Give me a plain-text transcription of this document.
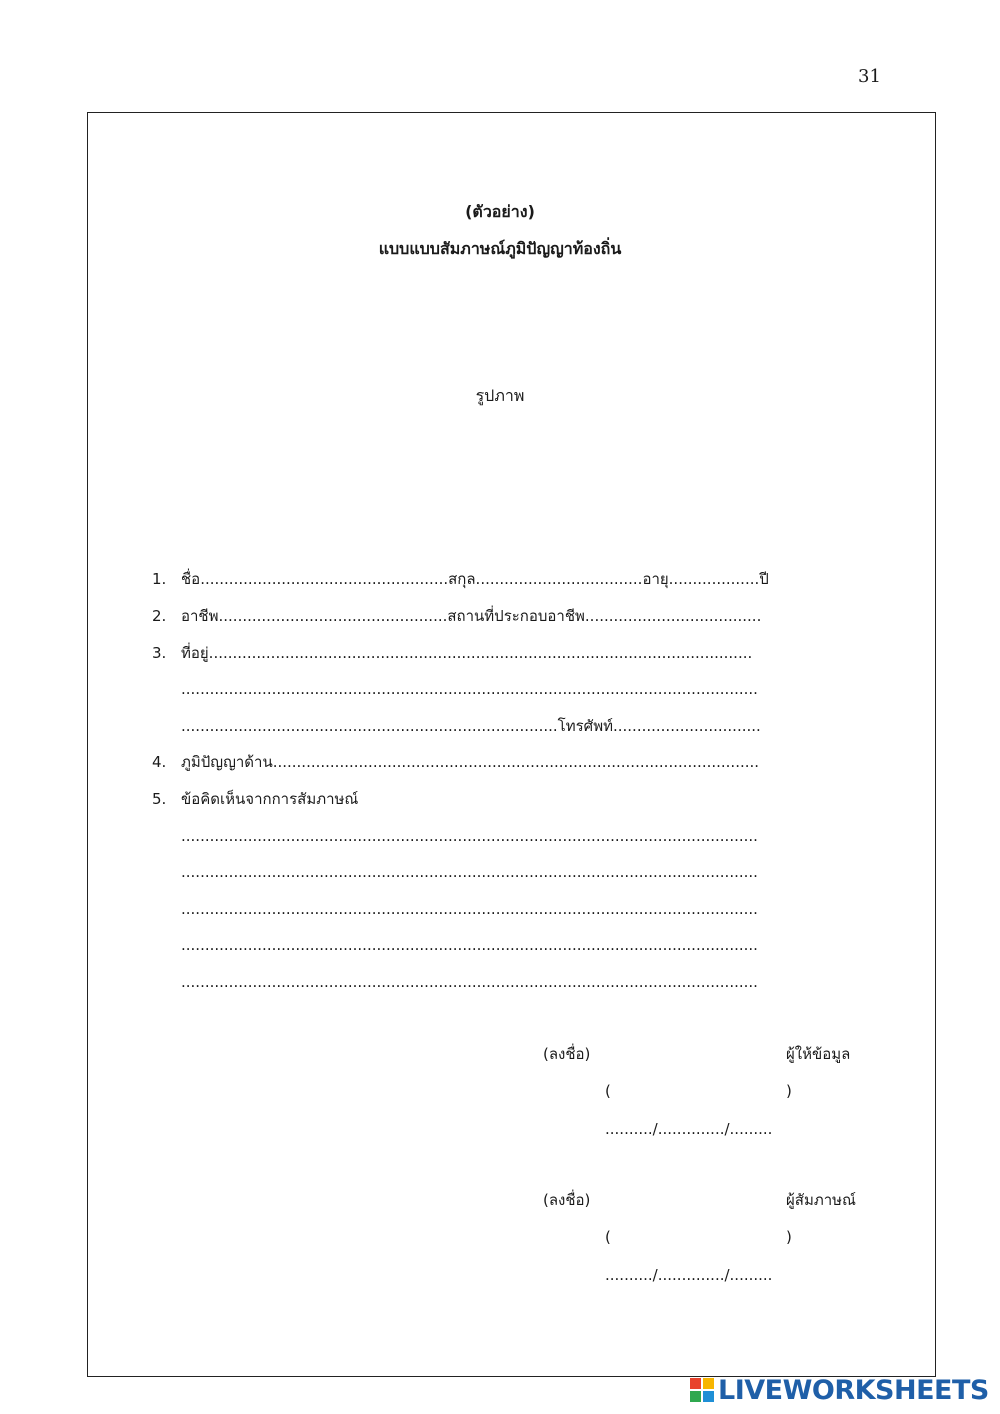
31
(ตัวอย่าง)
แบบแบบสัมภาษณ์ภูมิปัญญาท้องถิ่น
รูปภาพ
1. ชื่อ....................................................สกุล...................................อายุ...................ปี
2. อาชีพ................................................สถานที่ประกอบอาชีพ.....................................
3. ที่อยู่..................................................................................................................
.........................................................................................................................
...............................................................................โทรศัพท์...............................
4. ภูมิปัญญาด้าน......................................................................................................
5. ข้อคิดเห็นจากการสัมภาษณ์
.........................................................................................................................
.........................................................................................................................
.........................................................................................................................
.........................................................................................................................
.........................................................................................................................
(ลงชื่อ)	ผู้ให้ข้อมูล
(	)
........../............../.........
(ลงชื่อ)	ผู้สัมภาษณ์
(	)
........../............../.........
LIVEWORKSHEETS
